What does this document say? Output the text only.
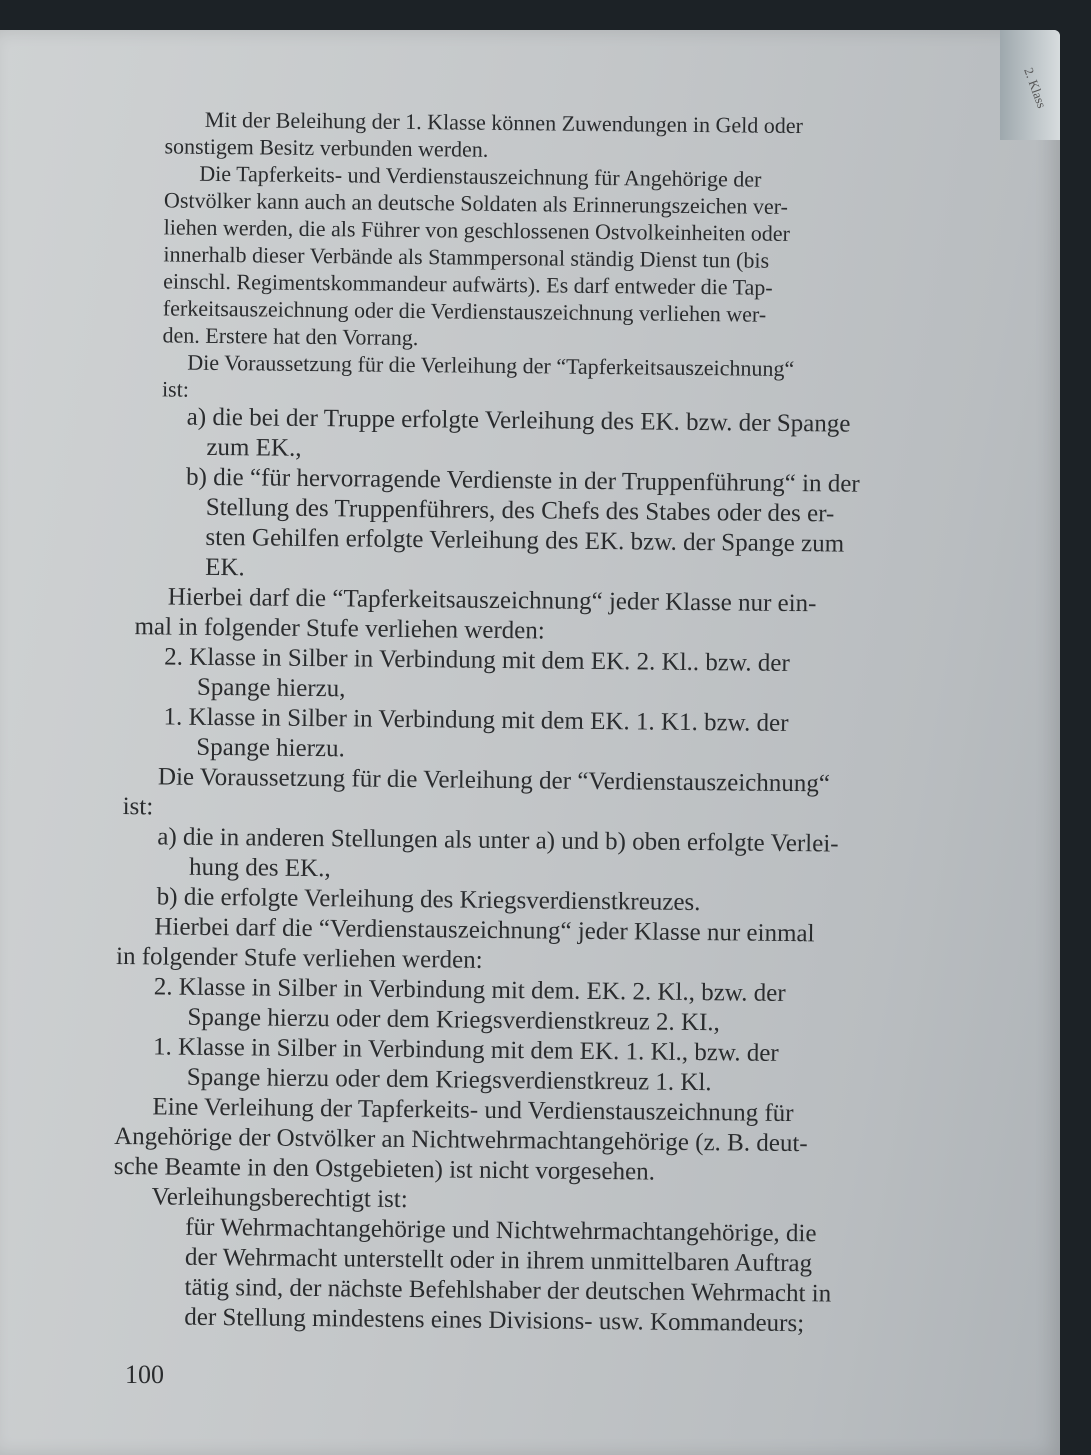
2. Klass
Mit der Beleihung der 1. Klasse können Zuwendungen in Geld oder
sonstigem Besitz verbunden werden.
Die Tapferkeits- und Verdienstauszeichnung für Angehörige der
Ostvölker kann auch an deutsche Soldaten als Erinnerungszeichen ver-
liehen werden, die als Führer von geschlossenen Ostvolkeinheiten oder
innerhalb dieser Verbände als Stammpersonal ständig Dienst tun (bis
einschl. Regimentskommandeur aufwärts). Es darf entweder die Tap-
ferkeitsauszeichnung oder die Verdienstauszeichnung verliehen wer-
den. Erstere hat den Vorrang.
Die Voraussetzung für die Verleihung der “Tapferkeitsauszeichnung“
ist:
a) die bei der Truppe erfolgte Verleihung des EK. bzw. der Spange
zum EK.,
b) die “für hervorragende Verdienste in der Truppenführung“ in der
Stellung des Truppenführers, des Chefs des Stabes oder des er-
sten Gehilfen erfolgte Verleihung des EK. bzw. der Spange zum
EK.
Hierbei darf die “Tapferkeitsauszeichnung“ jeder Klasse nur ein-
mal in folgender Stufe verliehen werden:
2. Klasse in Silber in Verbindung mit dem EK. 2. Kl.. bzw. der
Spange hierzu,
1. Klasse in Silber in Verbindung mit dem EK. 1. K1. bzw. der
Spange hierzu.
Die Voraussetzung für die Verleihung der “Verdienstauszeichnung“
ist:
a) die in anderen Stellungen als unter a) und b) oben erfolgte Verlei-
hung des EK.,
b) die erfolgte Verleihung des Kriegsverdienstkreuzes.
Hierbei darf die “Verdienstauszeichnung“ jeder Klasse nur einmal
in folgender Stufe verliehen werden:
2. Klasse in Silber in Verbindung mit dem. EK. 2. Kl., bzw. der
Spange hierzu oder dem Kriegsverdienstkreuz 2. KI.,
1. Klasse in Silber in Verbindung mit dem EK. 1. Kl., bzw. der
Spange hierzu oder dem Kriegsverdienstkreuz 1. Kl.
Eine Verleihung der Tapferkeits- und Verdienstauszeichnung für
Angehörige der Ostvölker an Nichtwehrmachtangehörige (z. B. deut-
sche Beamte in den Ostgebieten) ist nicht vorgesehen.
Verleihungsberechtigt ist:
für Wehrmachtangehörige und Nichtwehrmachtangehörige, die
der Wehrmacht unterstellt oder in ihrem unmittelbaren Auftrag
tätig sind, der nächste Befehlshaber der deutschen Wehrmacht in
der Stellung mindestens eines Divisions- usw. Kommandeurs;
100
